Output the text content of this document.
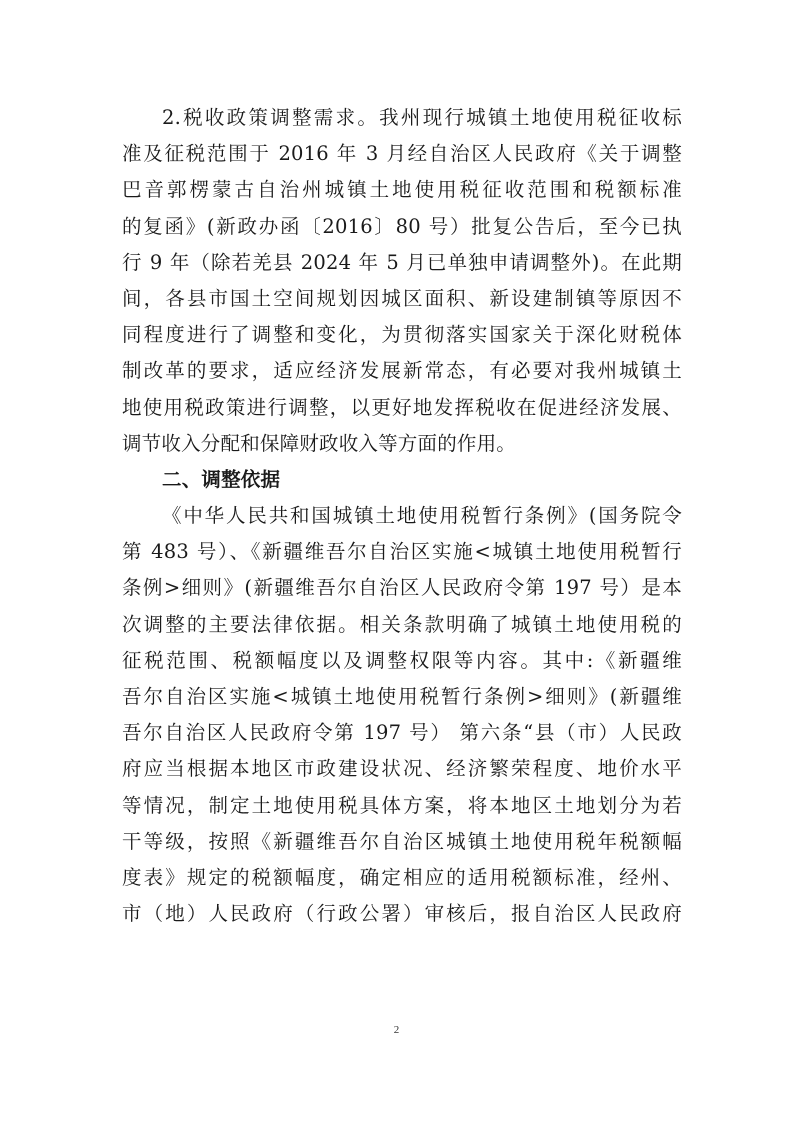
2.税收政策调整需求。我州现行城镇土地使用税征收标
准及征税范围于 2016 年 3 月经自治区人民政府《关于调整
巴音郭楞蒙古自治州城镇土地使用税征收范围和税额标准
的复函》(新政办函〔2016〕80 号）批复公告后，至今已执
行 9 年（除若羌县 2024 年 5 月已单独申请调整外)。在此期
间，各县市国土空间规划因城区面积、新设建制镇等原因不
同程度进行了调整和变化，为贯彻落实国家关于深化财税体
制改革的要求，适应经济发展新常态，有必要对我州城镇土
地使用税政策进行调整，以更好地发挥税收在促进经济发展、
调节收入分配和保障财政收入等方面的作用。
二、调整依据
《中华人民共和国城镇土地使用税暂行条例》(国务院令
第 483 号）、《新疆维吾尔自治区实施<城镇土地使用税暂行
条例>细则》(新疆维吾尔自治区人民政府令第 197 号）是本
次调整的主要法律依据。相关条款明确了城镇土地使用税的
征税范围、税额幅度以及调整权限等内容。其中:《新疆维
吾尔自治区实施<城镇土地使用税暂行条例>细则》(新疆维
吾尔自治区人民政府令第 197 号） 第六条“县（市）人民政
府应当根据本地区市政建设状况、经济繁荣程度、地价水平
等情况，制定土地使用税具体方案，将本地区土地划分为若
干等级，按照《新疆维吾尔自治区城镇土地使用税年税额幅
度表》规定的税额幅度，确定相应的适用税额标准，经州、
市（地）人民政府（行政公署）审核后，报自治区人民政府
2
